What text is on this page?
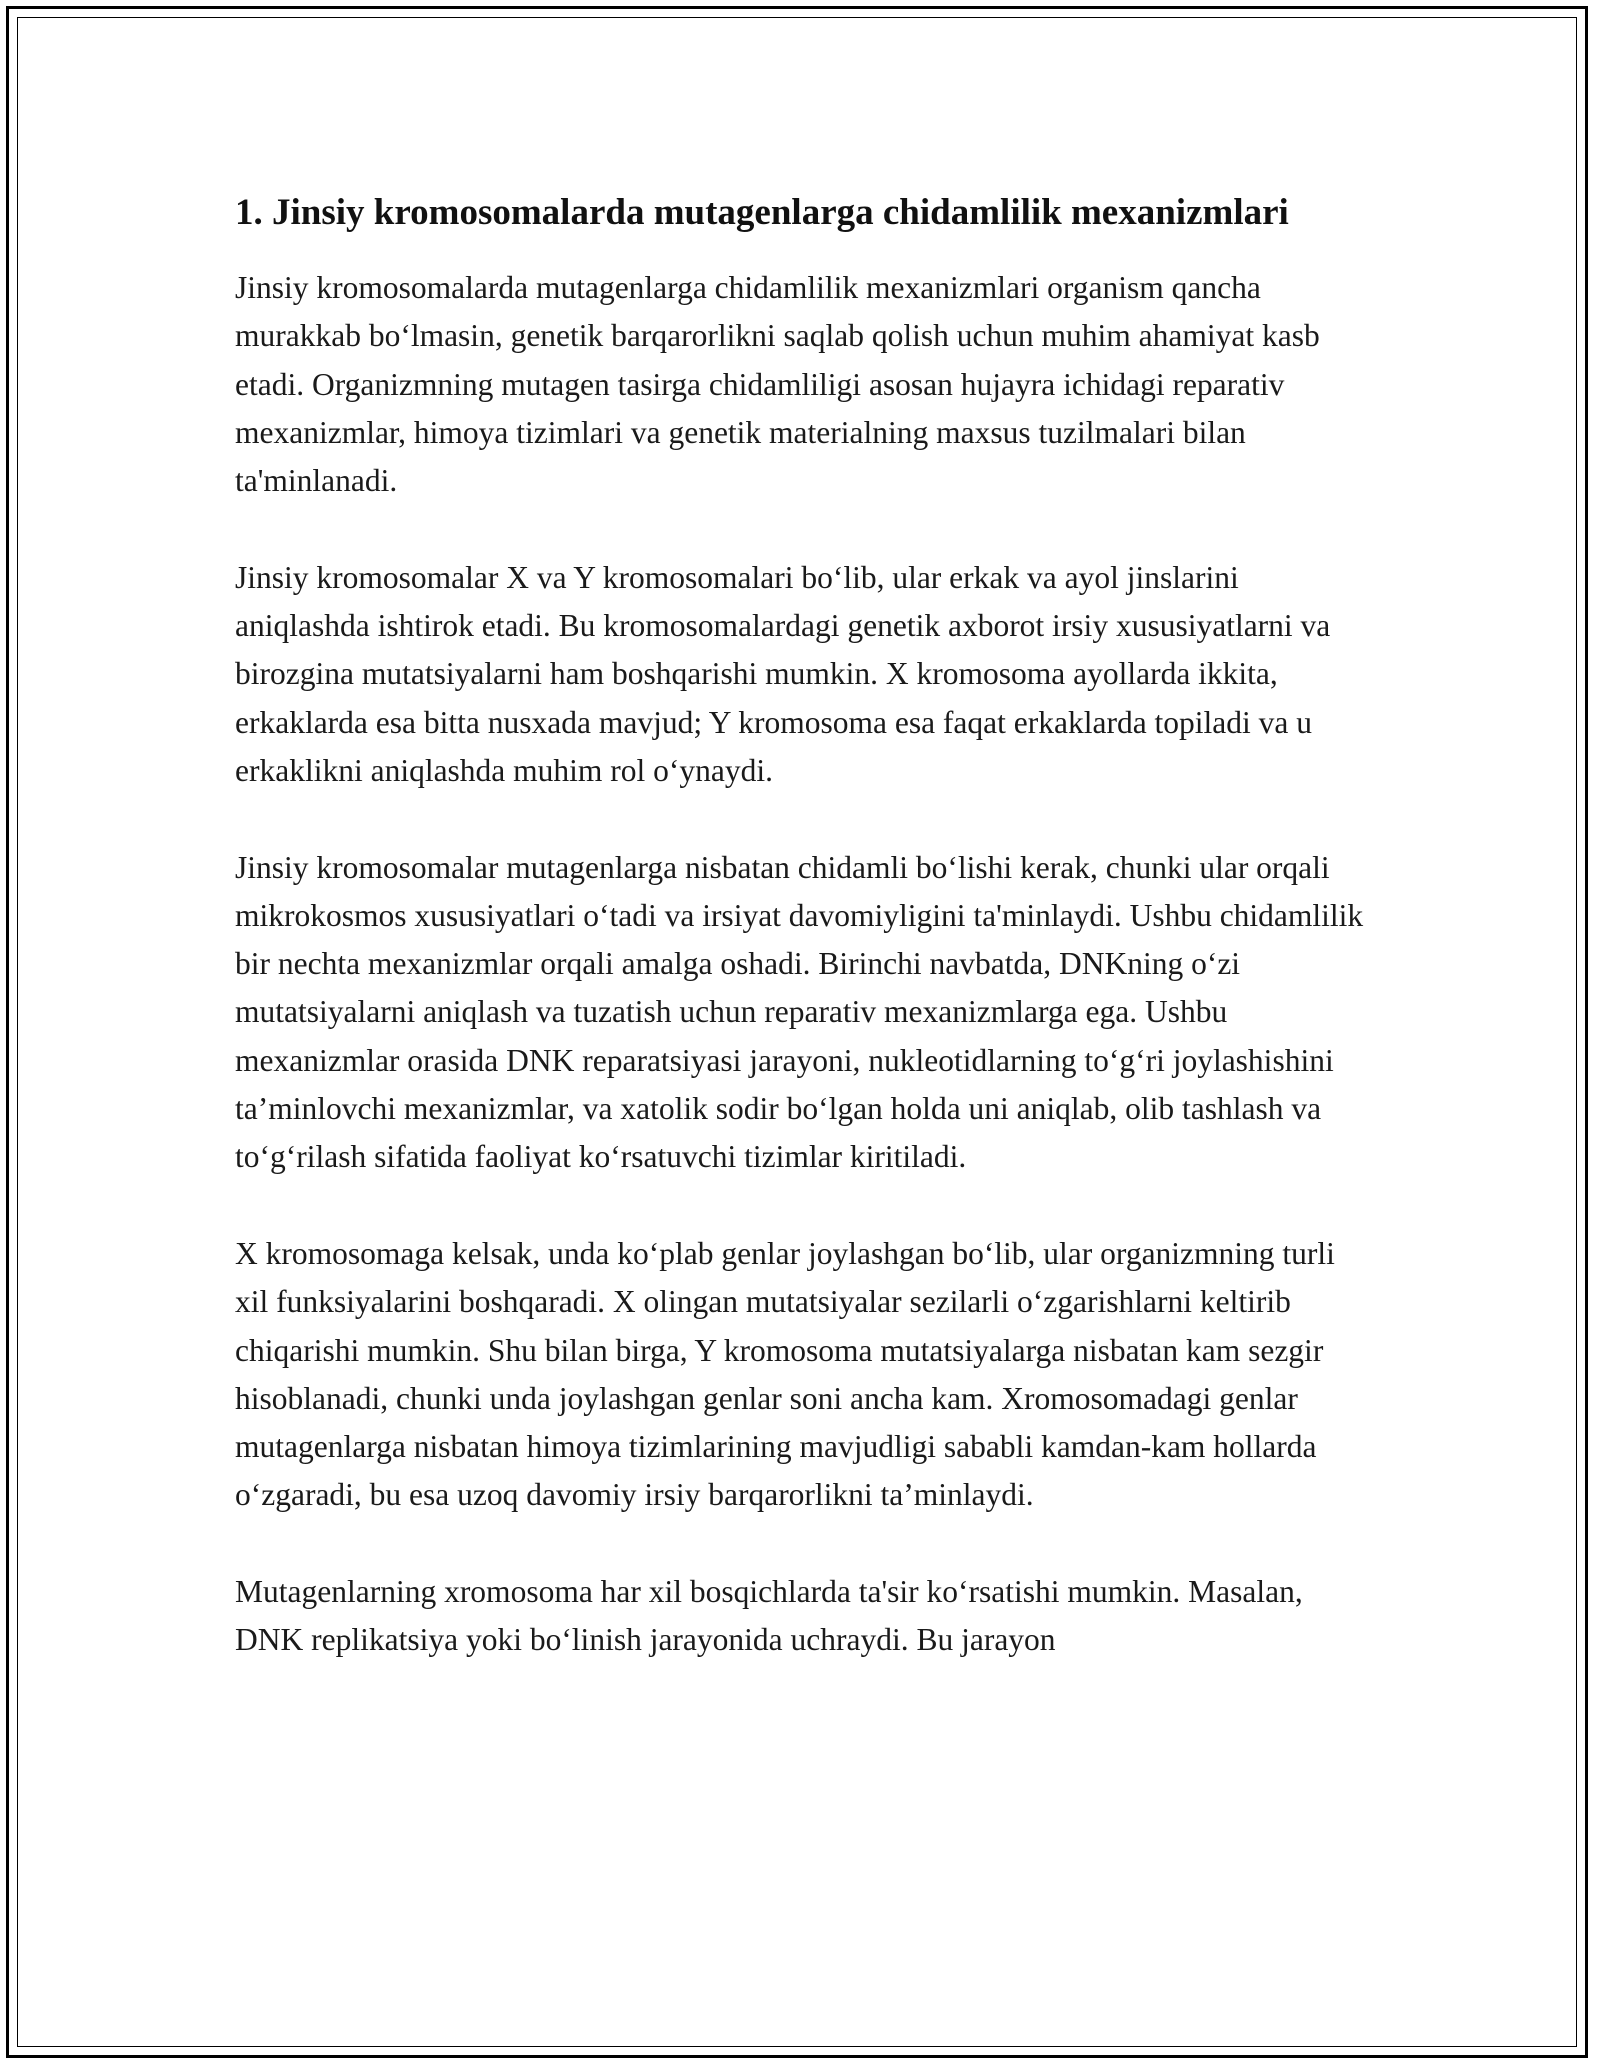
1. Jinsiy kromosomalarda mutagenlarga chidamlilik mexanizmlari

Jinsiy kromosomalarda mutagenlarga chidamlilik mexanizmlari organism qancha murakkab bo‘lmasin, genetik barqarorlikni saqlab qolish uchun muhim ahamiyat kasb etadi. Organizmning mutagen tasirga chidamliligi asosan hujayra ichidagi reparativ mexanizmlar, himoya tizimlari va genetik materialning maxsus tuzilmalari bilan ta'minlanadi.

Jinsiy kromosomalar X va Y kromosomalari bo‘lib, ular erkak va ayol jinslarini aniqlashda ishtirok etadi. Bu kromosomalardagi genetik axborot irsiy xususiyatlarni va birozgina mutatsiyalarni ham boshqarishi mumkin. X kromosoma ayollarda ikkita, erkaklarda esa bitta nusxada mavjud; Y kromosoma esa faqat erkaklarda topiladi va u erkaklikni aniqlashda muhim rol o‘ynaydi.

Jinsiy kromosomalar mutagenlarga nisbatan chidamli bo‘lishi kerak, chunki ular orqali mikrokosmos xususiyatlari o‘tadi va irsiyat davomiyligini ta'minlaydi. Ushbu chidamlilik bir nechta mexanizmlar orqali amalga oshadi. Birinchi navbatda, DNKning o‘zi mutatsiyalarni aniqlash va tuzatish uchun reparativ mexanizmlarga ega. Ushbu mexanizmlar orasida DNK reparatsiyasi jarayoni, nukleotidlarning to‘g‘ri joylashishini ta’minlovchi mexanizmlar, va xatolik sodir bo‘lgan holda uni aniqlab, olib tashlash va to‘g‘rilash sifatida faoliyat ko‘rsatuvchi tizimlar kiritiladi.

X kromosomaga kelsak, unda ko‘plab genlar joylashgan bo‘lib, ular organizmning turli xil funksiyalarini boshqaradi. X olingan mutatsiyalar sezilarli o‘zgarishlarni keltirib chiqarishi mumkin. Shu bilan birga, Y kromosoma mutatsiyalarga nisbatan kam sezgir hisoblanadi, chunki unda joylashgan genlar soni ancha kam. Xromosomadagi genlar mutagenlarga nisbatan himoya tizimlarining mavjudligi sababli kamdan-kam hollarda o‘zgaradi, bu esa uzoq davomiy irsiy barqarorlikni ta’minlaydi.

Mutagenlarning xromosoma har xil bosqichlarda ta'sir ko‘rsatishi mumkin. Masalan, DNK replikatsiya yoki bo‘linish jarayonida uchraydi. Bu jarayon
